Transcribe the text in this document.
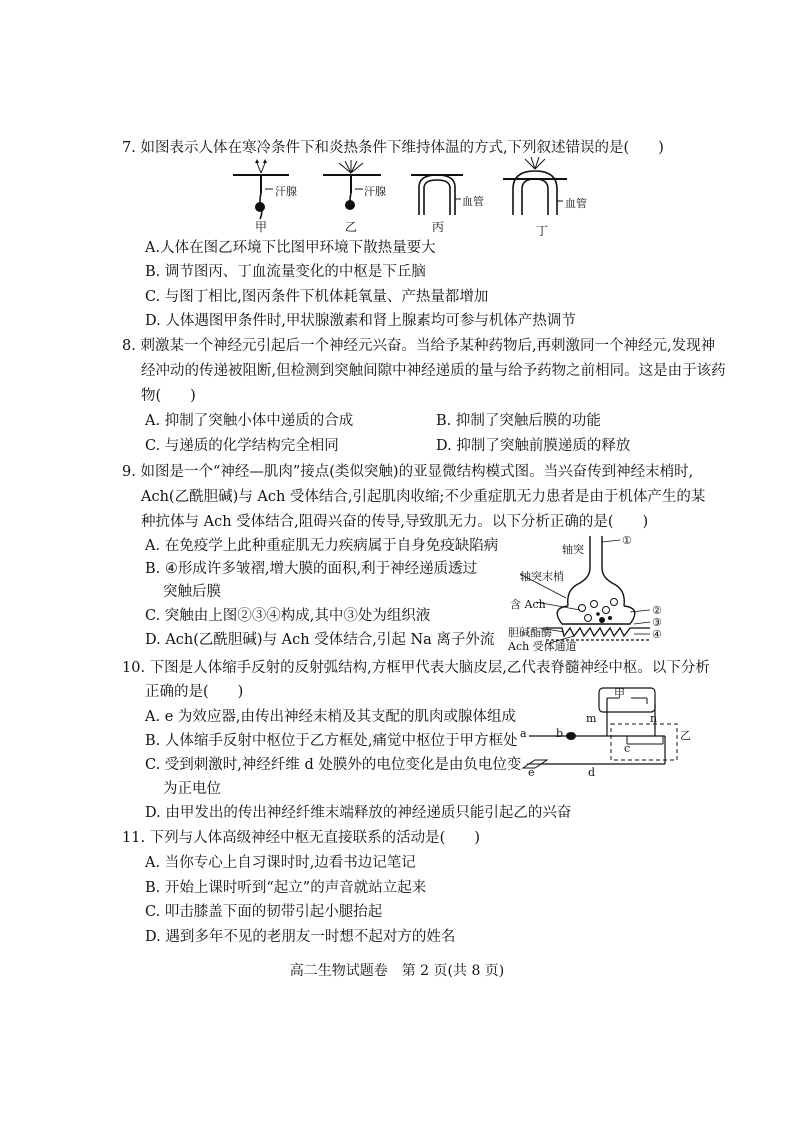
7. 如图表示人体在寒冷条件下和炎热条件下维持体温的方式,下列叙述错误的是(　　)
汗腺	汗腺
血管	血管
甲	乙	丙	丁
A.人体在图乙环境下比图甲环境下散热量要大
B. 调节图丙、丁血流量变化的中枢是下丘脑
C. 与图丁相比,图丙条件下机体耗氧量、产热量都增加
D. 人体遇图甲条件时,甲状腺激素和肾上腺素均可参与机体产热调节
8. 刺激某一个神经元引起后一个神经元兴奋。当给予某种药物后,再刺激同一个神经元,发现神
经冲动的传递被阻断,但检测到突触间隙中神经递质的量与给予药物之前相同。这是由于该药
物(　　)
A. 抑制了突触小体中递质的合成	B. 抑制了突触后膜的功能
C. 与递质的化学结构完全相同	D. 抑制了突触前膜递质的释放
9. 如图是一个“神经—肌肉”接点(类似突触)的亚显微结构模式图。当兴奋传到神经末梢时,
Ach(乙酰胆碱)与 Ach 受体结合,引起肌肉收缩;不少重症肌无力患者是由于机体产生的某
种抗体与 Ach 受体结合,阻碍兴奋的传导,导致肌无力。以下分析正确的是(　　)
A. 在免疫学上此种重症肌无力疾病属于自身免疫缺陷病
B. ④形成许多皱褶,增大膜的面积,利于神经递质透过
突触后膜
C. 突触由上图②③④构成,其中③处为组织液
D. Ach(乙酰胆碱)与 Ach 受体结合,引起 Na 离子外流
轴突
①
轴突末梢
含 Ach	②
③
④
胆碱酯酶
Ach 受体通道
10. 下图是人体缩手反射的反射弧结构,方框甲代表大脑皮层,乙代表脊髓神经中枢。以下分析
正确的是(　　)
A. e 为效应器,由传出神经末梢及其支配的肌肉或腺体组成
B. 人体缩手反射中枢位于乙方框处,痛觉中枢位于甲方框处
C. 受到刺激时,神经纤维 d 处膜外的电位变化是由负电位变
为正电位
D. 由甲发出的传出神经纤维末端释放的神经递质只能引起乙的兴奋
甲
a	b
m	n
c
乙
e	d
11. 下列与人体高级神经中枢无直接联系的活动是(　　)
A. 当你专心上自习课时时,边看书边记笔记
B. 开始上课时听到“起立”的声音就站立起来
C. 叩击膝盖下面的韧带引起小腿抬起
D. 遇到多年不见的老朋友一时想不起对方的姓名
高二生物试题卷　第 2 页(共 8 页)
